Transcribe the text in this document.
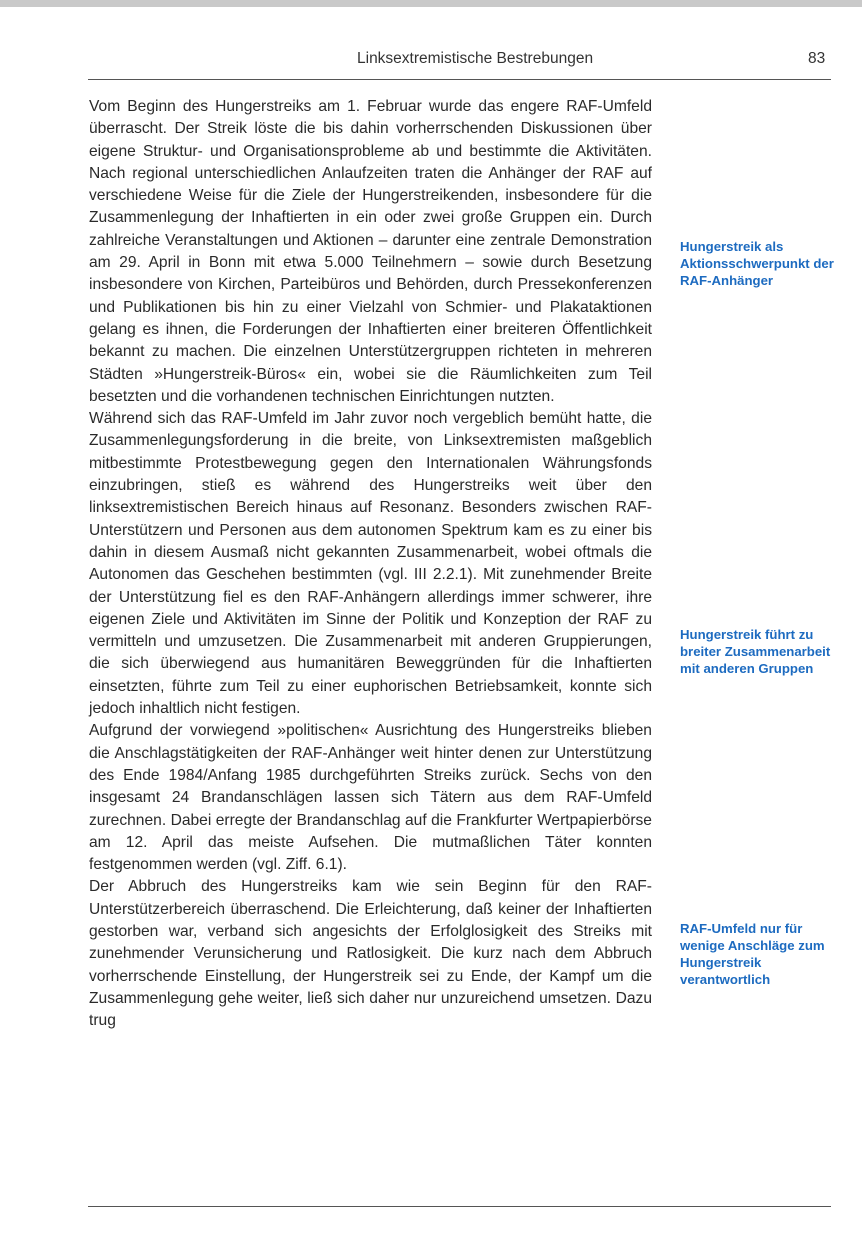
Linksextremistische Bestrebungen	83

Vom Beginn des Hungerstreiks am 1. Februar wurde das engere RAF-Umfeld überrascht. Der Streik löste die bis dahin vorherrschenden Diskussionen über eigene Struktur- und Organisationsprobleme ab und bestimmte die Aktivitäten. Nach regional unterschiedlichen Anlaufzeiten traten die Anhänger der RAF auf verschiedene Weise für die Ziele der Hungerstreikenden, insbesondere für die Zusammenlegung der Inhaftierten in ein oder zwei große Gruppen ein. Durch zahlreiche Veranstaltungen und Aktionen – darunter eine zentrale Demonstration am 29. April in Bonn mit etwa 5.000 Teilnehmern – sowie durch Besetzung insbesondere von Kirchen, Parteibüros und Behörden, durch Pressekonferenzen und Publikationen bis hin zu einer Vielzahl von Schmier- und Plakataktionen gelang es ihnen, die Forderungen der Inhaftierten einer breiteren Öffentlichkeit bekannt zu machen. Die einzelnen Unterstützergruppen richteten in mehreren Städten »Hungerstreik-Büros« ein, wobei sie die Räumlichkeiten zum Teil besetzten und die vorhandenen technischen Einrichtungen nutzten.

Während sich das RAF-Umfeld im Jahr zuvor noch vergeblich bemüht hatte, die Zusammenlegungsforderung in die breite, von Linksextremisten maßgeblich mitbestimmte Protestbewegung gegen den Internationalen Währungsfonds einzubringen, stieß es während des Hungerstreiks weit über den linksextremistischen Bereich hinaus auf Resonanz. Besonders zwischen RAF-Unterstützern und Personen aus dem autonomen Spektrum kam es zu einer bis dahin in diesem Ausmaß nicht gekannten Zusammenarbeit, wobei oftmals die Autonomen das Geschehen bestimmten (vgl. III 2.2.1). Mit zunehmender Breite der Unterstützung fiel es den RAF-Anhängern allerdings immer schwerer, ihre eigenen Ziele und Aktivitäten im Sinne der Politik und Konzeption der RAF zu vermitteln und umzusetzen. Die Zusammenarbeit mit anderen Gruppierungen, die sich überwiegend aus humanitären Beweggründen für die Inhaftierten einsetzten, führte zum Teil zu einer euphorischen Betriebsamkeit, konnte sich jedoch inhaltlich nicht festigen.

Aufgrund der vorwiegend »politischen« Ausrichtung des Hungerstreiks blieben die Anschlagstätigkeiten der RAF-Anhänger weit hinter denen zur Unterstützung des Ende 1984/Anfang 1985 durchgeführten Streiks zurück. Sechs von den insgesamt 24 Brandanschlägen lassen sich Tätern aus dem RAF-Umfeld zurechnen. Dabei erregte der Brandanschlag auf die Frankfurter Wertpapierbörse am 12. April das meiste Aufsehen. Die mutmaßlichen Täter konnten festgenommen werden (vgl. Ziff. 6.1).

Der Abbruch des Hungerstreiks kam wie sein Beginn für den RAF-Unterstützerbereich überraschend. Die Erleichterung, daß keiner der Inhaftierten gestorben war, verband sich angesichts der Erfolglosigkeit des Streiks mit zunehmender Verunsicherung und Ratlosigkeit. Die kurz nach dem Abbruch vorherrschende Einstellung, der Hungerstreik sei zu Ende, der Kampf um die Zusammenlegung gehe weiter, ließ sich daher nur unzureichend umsetzen. Dazu trug

Hungerstreik als Aktionsschwerpunkt der RAF-Anhänger
Hungerstreik führt zu breiter Zusammenarbeit mit anderen Gruppen
RAF-Umfeld nur für wenige Anschläge zum Hungerstreik verantwortlich
